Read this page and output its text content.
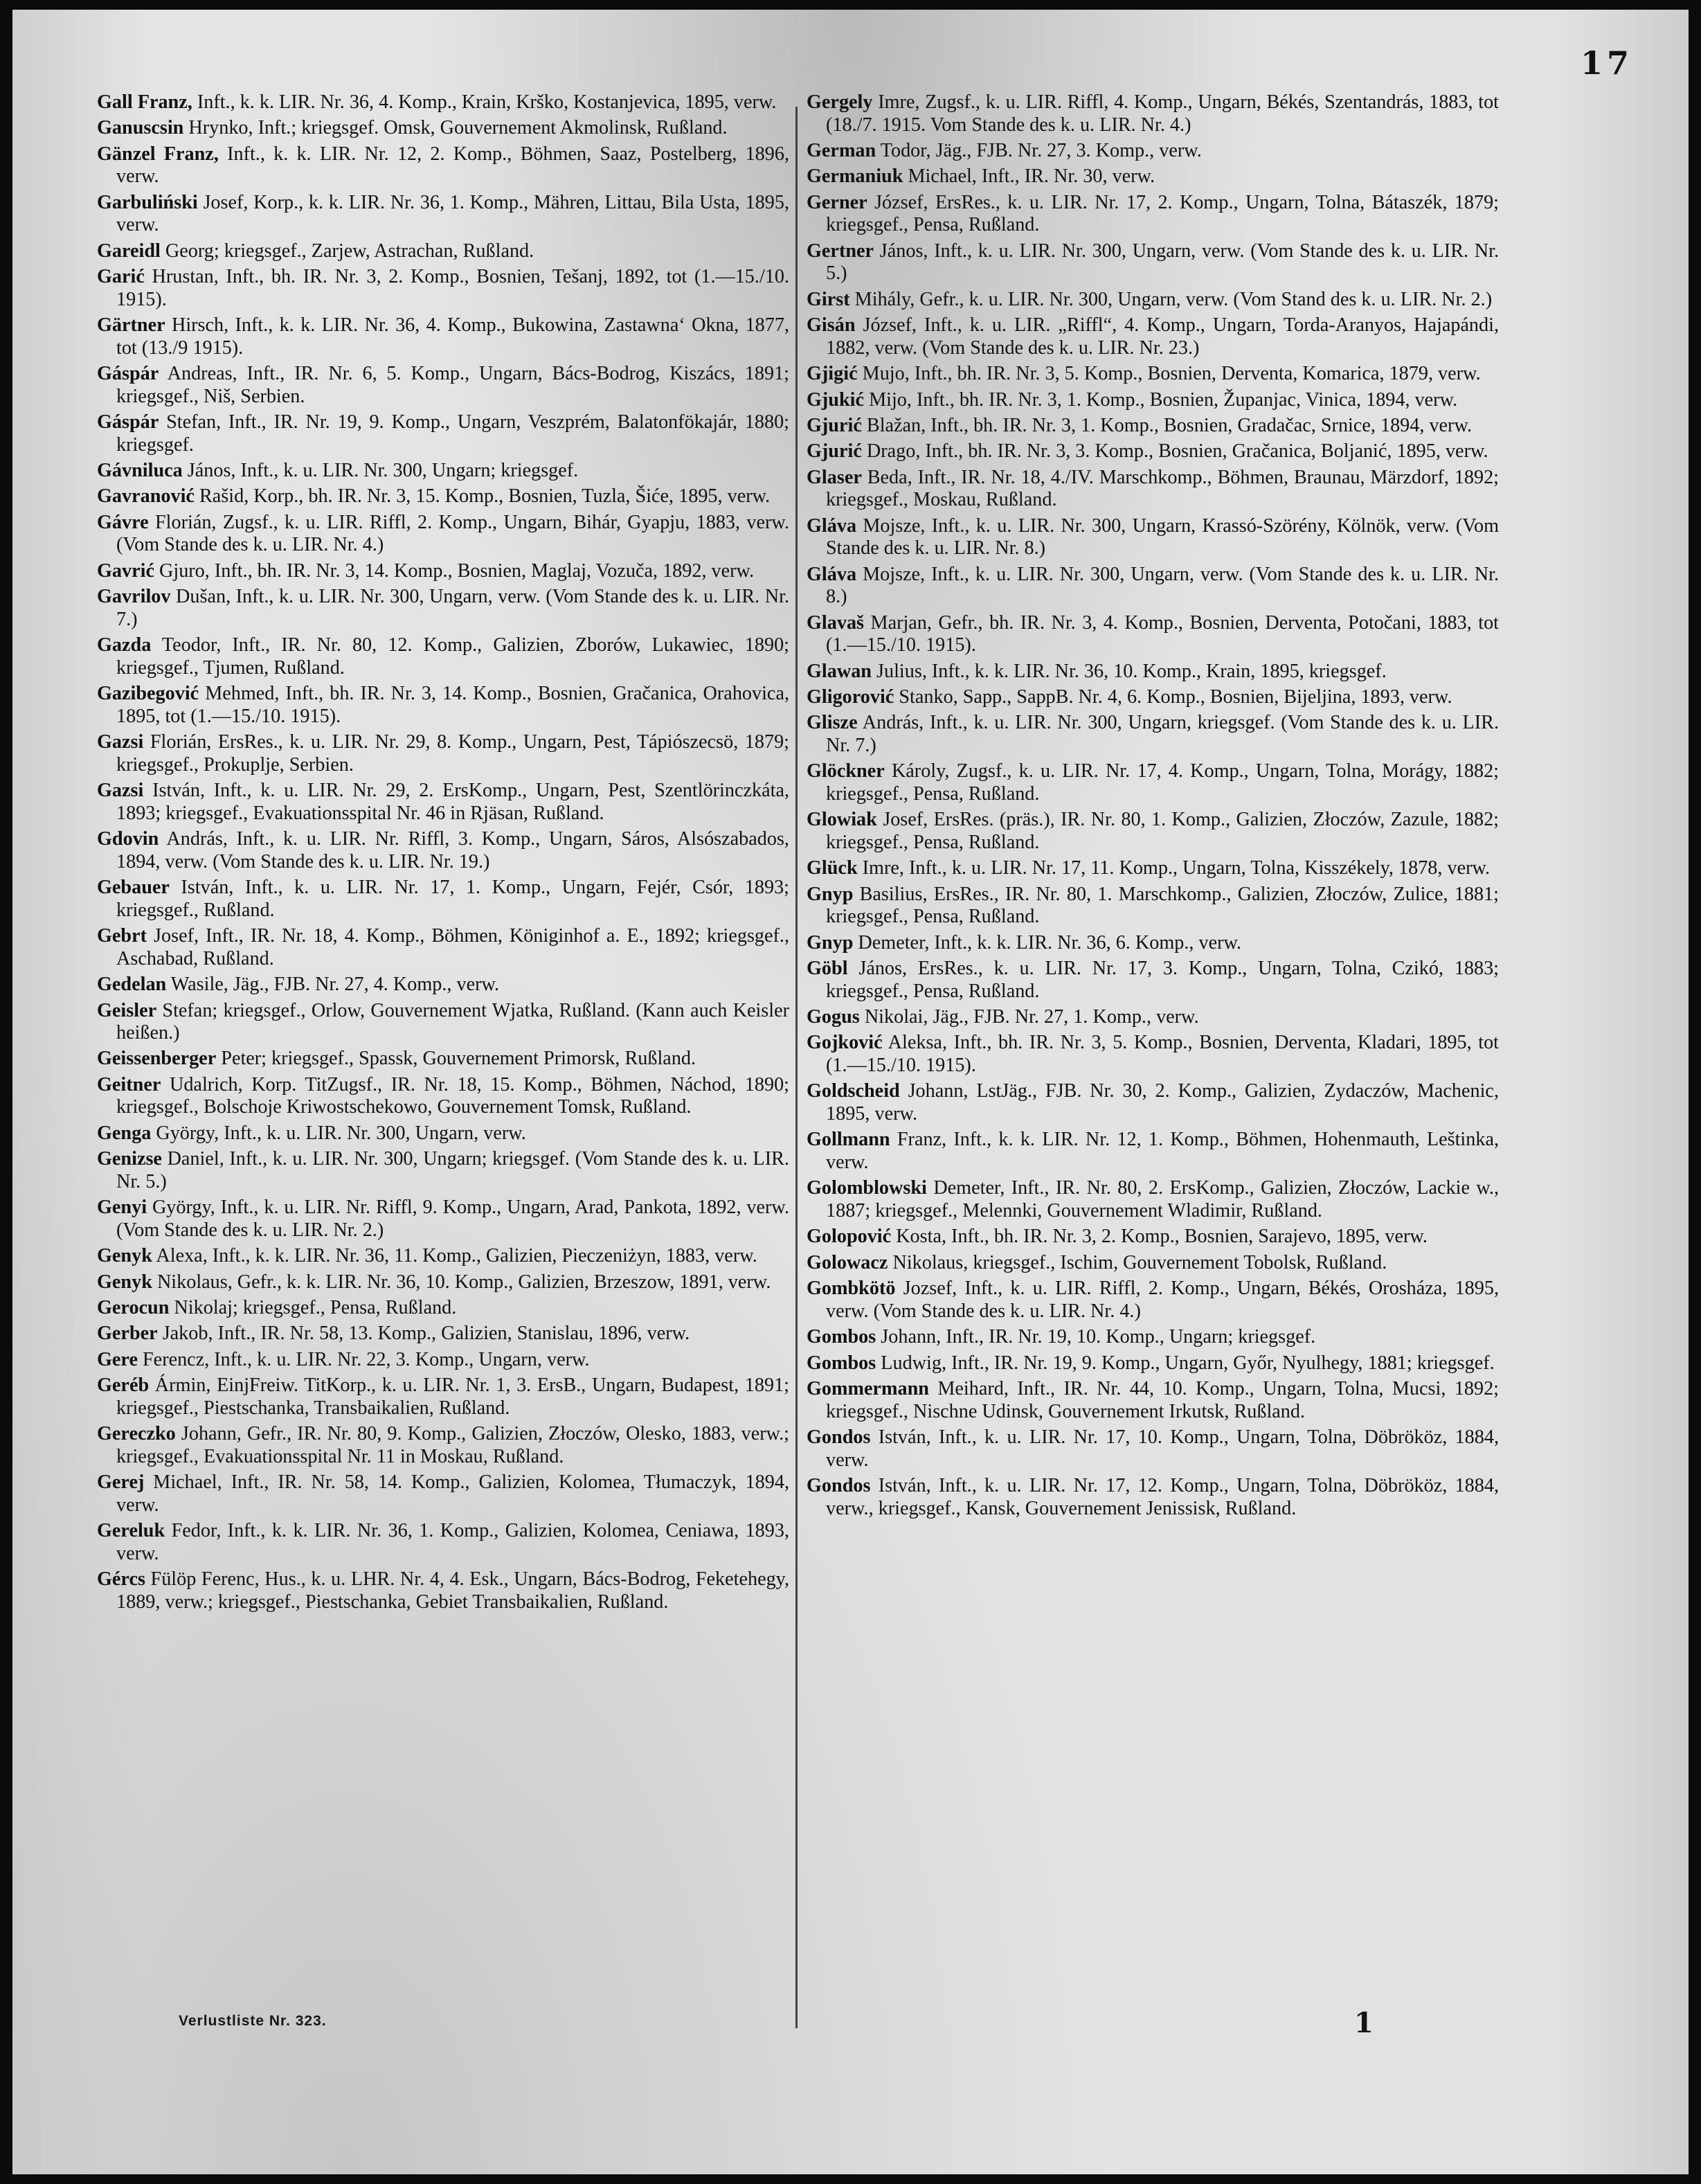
17

Gall Franz, Inft., k. k. LIR. Nr. 36, 4. Komp., Krain, Krško, Kostanjevica, 1895, verw.

Ganuscsin Hrynko, Inft.; kriegsgef. Omsk, Gouvernement Akmolinsk, Rußland.

Gänzel Franz, Inft., k. k. LIR. Nr. 12, 2. Komp., Böhmen, Saaz, Postelberg, 1896, verw.

Garbuliński Josef, Korp., k. k. LIR. Nr. 36, 1. Komp., Mähren, Littau, Bila Usta, 1895, verw.

Gareidl Georg; kriegsgef., Zarjew, Astrachan, Rußland.

Garić Hrustan, Inft., bh. IR. Nr. 3, 2. Komp., Bosnien, Tešanj, 1892, tot (1.—15./10. 1915).

Gärtner Hirsch, Inft., k. k. LIR. Nr. 36, 4. Komp., Bukowina, Zastawna‘ Okna, 1877, tot (13./9 1915).

Gáspár Andreas, Inft., IR. Nr. 6, 5. Komp., Ungarn, Bács-Bodrog, Kiszács, 1891; kriegsgef., Niš, Serbien.

Gáspár Stefan, Inft., IR. Nr. 19, 9. Komp., Ungarn, Veszprém, Balatonfökajár, 1880; kriegsgef.

Gávniluca János, Inft., k. u. LIR. Nr. 300, Ungarn; kriegsgef.

Gavranović Rašid, Korp., bh. IR. Nr. 3, 15. Komp., Bosnien, Tuzla, Šiće, 1895, verw.

Gávre Florián, Zugsf., k. u. LIR. Riffl, 2. Komp., Ungarn, Bihár, Gyapju, 1883, verw. (Vom Stande des k. u. LIR. Nr. 4.)

Gavrić Gjuro, Inft., bh. IR. Nr. 3, 14. Komp., Bosnien, Maglaj, Vozuča, 1892, verw.

Gavrilov Dušan, Inft., k. u. LIR. Nr. 300, Ungarn, verw. (Vom Stande des k. u. LIR. Nr. 7.)

Gazda Teodor, Inft., IR. Nr. 80, 12. Komp., Galizien, Zborów, Lukawiec, 1890; kriegsgef., Tjumen, Rußland.

Gazibegović Mehmed, Inft., bh. IR. Nr. 3, 14. Komp., Bosnien, Gračanica, Orahovica, 1895, tot (1.—15./10. 1915).

Gazsi Florián, ErsRes., k. u. LIR. Nr. 29, 8. Komp., Ungarn, Pest, Tápiószecsö, 1879; kriegsgef., Prokuplje, Serbien.

Gazsi István, Inft., k. u. LIR. Nr. 29, 2. ErsKomp., Ungarn, Pest, Szentlörinczkáta, 1893; kriegsgef., Evakuationsspital Nr. 46 in Rjäsan, Rußland.

Gdovin András, Inft., k. u. LIR. Nr. Riffl, 3. Komp., Ungarn, Sáros, Alsószabados, 1894, verw. (Vom Stande des k. u. LIR. Nr. 19.)

Gebauer István, Inft., k. u. LIR. Nr. 17, 1. Komp., Ungarn, Fejér, Csór, 1893; kriegsgef., Rußland.

Gebrt Josef, Inft., IR. Nr. 18, 4. Komp., Böhmen, Königinhof a. E., 1892; kriegsgef., Aschabad, Rußland.

Gedelan Wasile, Jäg., FJB. Nr. 27, 4. Komp., verw.

Geisler Stefan; kriegsgef., Orlow, Gouvernement Wjatka, Rußland. (Kann auch Keisler heißen.)

Geissenberger Peter; kriegsgef., Spassk, Gouvernement Primorsk, Rußland.

Geitner Udalrich, Korp. TitZugsf., IR. Nr. 18, 15. Komp., Böhmen, Náchod, 1890; kriegsgef., Bolschoje Kriwostschekowo, Gouvernement Tomsk, Rußland.

Genga György, Inft., k. u. LIR. Nr. 300, Ungarn, verw.

Genizse Daniel, Inft., k. u. LIR. Nr. 300, Ungarn; kriegsgef. (Vom Stande des k. u. LIR. Nr. 5.)

Genyi György, Inft., k. u. LIR. Nr. Riffl, 9. Komp., Ungarn, Arad, Pankota, 1892, verw. (Vom Stande des k. u. LIR. Nr. 2.)

Genyk Alexa, Inft., k. k. LIR. Nr. 36, 11. Komp., Galizien, Pieczeniżyn, 1883, verw.

Genyk Nikolaus, Gefr., k. k. LIR. Nr. 36, 10. Komp., Galizien, Brzeszow, 1891, verw.

Gerocun Nikolaj; kriegsgef., Pensa, Rußland.

Gerber Jakob, Inft., IR. Nr. 58, 13. Komp., Galizien, Stanislau, 1896, verw.

Gere Ferencz, Inft., k. u. LIR. Nr. 22, 3. Komp., Ungarn, verw.

Geréb Ármin, EinjFreiw. TitKorp., k. u. LIR. Nr. 1, 3. ErsB., Ungarn, Budapest, 1891; kriegsgef., Piestschanka, Transbaikalien, Rußland.

Gereczko Johann, Gefr., IR. Nr. 80, 9. Komp., Galizien, Złoczów, Olesko, 1883, verw.; kriegsgef., Evakuationsspital Nr. 11 in Moskau, Rußland.

Gerej Michael, Inft., IR. Nr. 58, 14. Komp., Galizien, Kolomea, Tłumaczyk, 1894, verw.

Gereluk Fedor, Inft., k. k. LIR. Nr. 36, 1. Komp., Galizien, Kolomea, Ceniawa, 1893, verw.

Gércs Fülöp Ferenc, Hus., k. u. LHR. Nr. 4, 4. Esk., Ungarn, Bács-Bodrog, Feketehegy, 1889, verw.; kriegsgef., Piestschanka, Gebiet Transbaikalien, Rußland.

Gergely Imre, Zugsf., k. u. LIR. Riffl, 4. Komp., Ungarn, Békés, Szentandrás, 1883, tot (18./7. 1915. Vom Stande des k. u. LIR. Nr. 4.)

German Todor, Jäg., FJB. Nr. 27, 3. Komp., verw.

Germaniuk Michael, Inft., IR. Nr. 30, verw.

Gerner József, ErsRes., k. u. LIR. Nr. 17, 2. Komp., Ungarn, Tolna, Bátaszék, 1879; kriegsgef., Pensa, Rußland.

Gertner János, Inft., k. u. LIR. Nr. 300, Ungarn, verw. (Vom Stande des k. u. LIR. Nr. 5.)

Girst Mihály, Gefr., k. u. LIR. Nr. 300, Ungarn, verw. (Vom Stand des k. u. LIR. Nr. 2.)

Gisán József, Inft., k. u. LIR. „Riffl“, 4. Komp., Ungarn, Torda-Aranyos, Hajapándi, 1882, verw. (Vom Stande des k. u. LIR. Nr. 23.)

Gjigić Mujo, Inft., bh. IR. Nr. 3, 5. Komp., Bosnien, Derventa, Komarica, 1879, verw.

Gjukić Mijo, Inft., bh. IR. Nr. 3, 1. Komp., Bosnien, Županjac, Vinica, 1894, verw.

Gjurić Blažan, Inft., bh. IR. Nr. 3, 1. Komp., Bosnien, Gradačac, Srnice, 1894, verw.

Gjurić Drago, Inft., bh. IR. Nr. 3, 3. Komp., Bosnien, Gračanica, Boljanić, 1895, verw.

Glaser Beda, Inft., IR. Nr. 18, 4./IV. Marschkomp., Böhmen, Braunau, Märzdorf, 1892; kriegsgef., Moskau, Rußland.

Gláva Mojsze, Inft., k. u. LIR. Nr. 300, Ungarn, Krassó-Szörény, Kölnök, verw. (Vom Stande des k. u. LIR. Nr. 8.)

Gláva Mojsze, Inft., k. u. LIR. Nr. 300, Ungarn, verw. (Vom Stande des k. u. LIR. Nr. 8.)

Glavaš Marjan, Gefr., bh. IR. Nr. 3, 4. Komp., Bosnien, Derventa, Potočani, 1883, tot (1.—15./10. 1915).

Glawan Julius, Inft., k. k. LIR. Nr. 36, 10. Komp., Krain, 1895, kriegsgef.

Gligorović Stanko, Sapp., SappB. Nr. 4, 6. Komp., Bosnien, Bijeljina, 1893, verw.

Glisze András, Inft., k. u. LIR. Nr. 300, Ungarn, kriegsgef. (Vom Stande des k. u. LIR. Nr. 7.)

Glöckner Károly, Zugsf., k. u. LIR. Nr. 17, 4. Komp., Ungarn, Tolna, Morágy, 1882; kriegsgef., Pensa, Rußland.

Glowiak Josef, ErsRes. (präs.), IR. Nr. 80, 1. Komp., Galizien, Złoczów, Zazule, 1882; kriegsgef., Pensa, Rußland.

Glück Imre, Inft., k. u. LIR. Nr. 17, 11. Komp., Ungarn, Tolna, Kisszékely, 1878, verw.

Gnyp Basilius, ErsRes., IR. Nr. 80, 1. Marschkomp., Galizien, Złoczów, Zulice, 1881; kriegsgef., Pensa, Rußland.

Gnyp Demeter, Inft., k. k. LIR. Nr. 36, 6. Komp., verw.

Göbl János, ErsRes., k. u. LIR. Nr. 17, 3. Komp., Ungarn, Tolna, Czikó, 1883; kriegsgef., Pensa, Rußland.

Gogus Nikolai, Jäg., FJB. Nr. 27, 1. Komp., verw.

Gojković Aleksa, Inft., bh. IR. Nr. 3, 5. Komp., Bosnien, Derventa, Kladari, 1895, tot (1.—15./10. 1915).

Goldscheid Johann, LstJäg., FJB. Nr. 30, 2. Komp., Galizien, Zydaczów, Machenic, 1895, verw.

Gollmann Franz, Inft., k. k. LIR. Nr. 12, 1. Komp., Böhmen, Hohenmauth, Leštinka, verw.

Golomblowski Demeter, Inft., IR. Nr. 80, 2. ErsKomp., Galizien, Złoczów, Lackie w., 1887; kriegsgef., Melennki, Gouvernement Wladimir, Rußland.

Golopović Kosta, Inft., bh. IR. Nr. 3, 2. Komp., Bosnien, Sarajevo, 1895, verw.

Golowacz Nikolaus, kriegsgef., Ischim, Gouvernement Tobolsk, Rußland.

Gombkötö Jozsef, Inft., k. u. LIR. Riffl, 2. Komp., Ungarn, Békés, Orosháza, 1895, verw. (Vom Stande des k. u. LIR. Nr. 4.)

Gombos Johann, Inft., IR. Nr. 19, 10. Komp., Ungarn; kriegsgef.

Gombos Ludwig, Inft., IR. Nr. 19, 9. Komp., Ungarn, Győr, Nyulhegy, 1881; kriegsgef.

Gommermann Meihard, Inft., IR. Nr. 44, 10. Komp., Ungarn, Tolna, Mucsi, 1892; kriegsgef., Nischne Udinsk, Gouvernement Irkutsk, Rußland.

Gondos István, Inft., k. u. LIR. Nr. 17, 10. Komp., Ungarn, Tolna, Döbrököz, 1884, verw.

Gondos István, Inft., k. u. LIR. Nr. 17, 12. Komp., Ungarn, Tolna, Döbrököz, 1884, verw., kriegsgef., Kansk, Gouvernement Jenissisk, Rußland.

Verlustliste Nr. 323.	1
